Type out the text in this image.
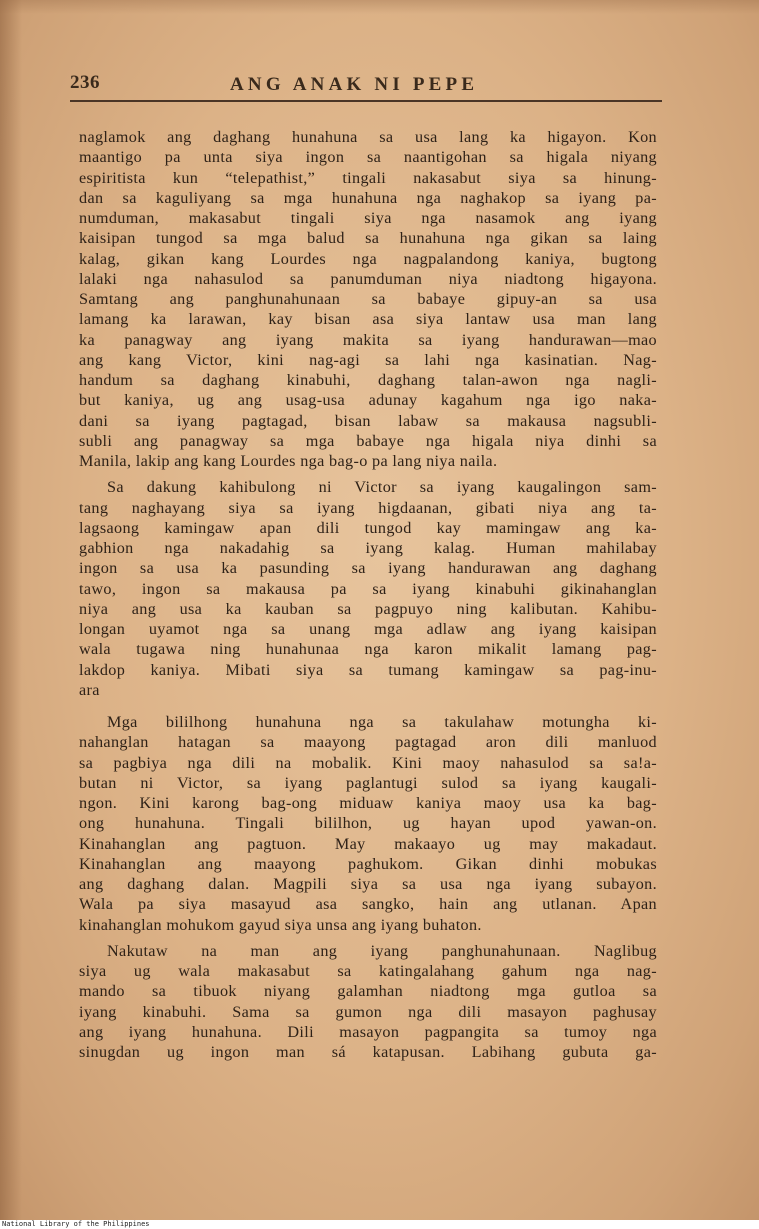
236	ANG ANAK NI PEPE
naglamok ang daghang hunahuna sa usa lang ka higayon. Kon
maantigo pa unta siya ingon sa naantigohan sa higala niyang
espiritista kun “telepathist,” tingali nakasabut siya sa hinung-
dan sa kaguliyang sa mga hunahuna nga naghakop sa iyang pa-
numduman, makasabut tingali siya nga nasamok ang iyang
kaisipan tungod sa mga balud sa hunahuna nga gikan sa laing
kalag, gikan kang Lourdes nga nagpalandong kaniya, bugtong
lalaki nga nahasulod sa panumduman niya niadtong higayona.
Samtang ang panghunahunaan sa babaye gipuy-an sa usa
lamang ka larawan, kay bisan asa siya lantaw usa man lang
ka panagway ang iyang makita sa iyang handurawan—mao
ang kang Victor, kini nag-agi sa lahi nga kasinatian. Nag-
handum sa daghang kinabuhi, daghang talan-awon nga nagli-
but kaniya, ug ang usag-usa adunay kagahum nga igo naka-
dani sa iyang pagtagad, bisan labaw sa makausa nagsubli-
subli ang panagway sa mga babaye nga higala niya dinhi sa
Manila, lakip ang kang Lourdes nga bag-o pa lang niya naila.
Sa dakung kahibulong ni Victor sa iyang kaugalingon sam-
tang naghayang siya sa iyang higdaanan, gibati niya ang ta-
lagsaong kamingaw apan dili tungod kay mamingaw ang ka-
gabhion nga nakadahig sa iyang kalag. Human mahilabay
ingon sa usa ka pasunding sa iyang handurawan ang daghang
tawo, ingon sa makausa pa sa iyang kinabuhi gikinahanglan
niya ang usa ka kauban sa pagpuyo ning kalibutan. Kahibu-
longan uyamot nga sa unang mga adlaw ang iyang kaisipan
wala tugawa ning hunahunaa nga karon mikalit lamang pag-
lakdop kaniya. Mibati siya sa tumang kamingaw sa pag-inu-
ara
Mga bililhong hunahuna nga sa takulahaw motungha ki-
nahanglan hatagan sa maayong pagtagad aron dili manluod
sa pagbiya nga dili na mobalik. Kini maoy nahasulod sa sa!a-
butan ni Victor, sa iyang paglantugi sulod sa iyang kaugali-
ngon. Kini karong bag-ong miduaw kaniya maoy usa ka bag-
ong hunahuna. Tingali bililhon, ug hayan upod yawan-on.
Kinahanglan ang pagtuon. May makaayo ug may makadaut.
Kinahanglan ang maayong paghukom. Gikan dinhi mobukas
ang daghang dalan. Magpili siya sa usa nga iyang subayon.
Wala pa siya masayud asa sangko, hain ang utlanan. Apan
kinahanglan mohukom gayud siya unsa ang iyang buhaton.
Nakutaw na man ang iyang panghunahunaan. Naglibug
siya ug wala makasabut sa katingalahang gahum nga nag-
mando sa tibuok niyang galamhan niadtong mga gutloa sa
iyang kinabuhi. Sama sa gumon nga dili masayon paghusay
ang iyang hunahuna. Dili masayon pagpangita sa tumoy nga
sinugdan ug ingon man sá katapusan. Labihang gubuta ga-
National Library of the Philippines
